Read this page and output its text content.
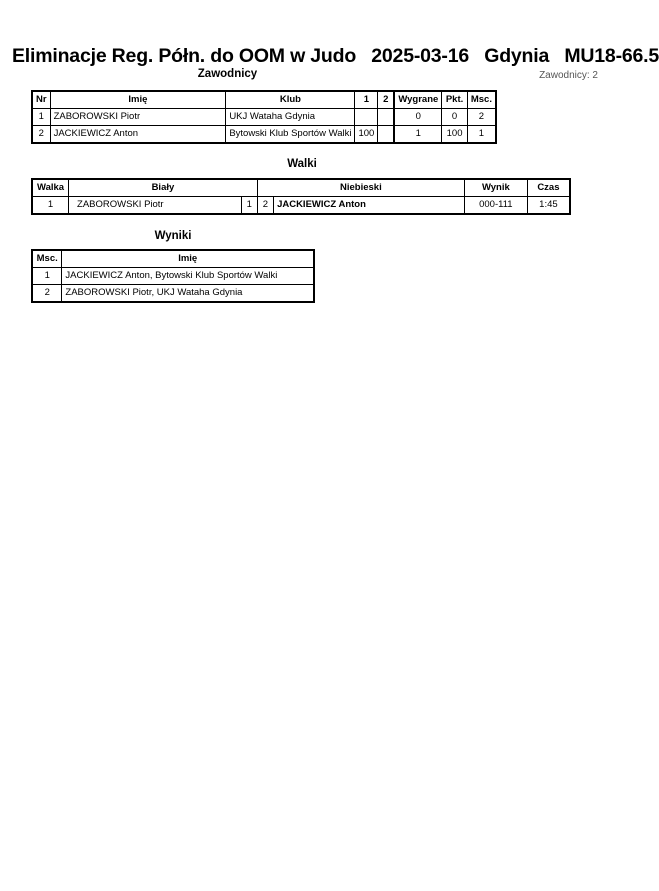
Eliminacje Reg. Półn. do OOM w Judo 2025-03-16 Gdynia MU18-66.5
Zawodnicy	Zawodnicy: 2
Nr	Imię	Klub	1	2	Wygrane	Pkt.	Msc.
1	ZABOROWSKI Piotr	UKJ Wataha Gdynia			0	0	2
2	JACKIEWICZ Anton	Bytowski Klub Sportów Walki	100		1	100	1
Walki
Walka	Biały		Niebieski		Wynik	Czas
1	ZABOROWSKI Piotr	1	2	JACKIEWICZ Anton	000-111	1:45
Wyniki
Msc.	Imię
1	JACKIEWICZ Anton, Bytowski Klub Sportów Walki
2	ZABOROWSKI Piotr, UKJ Wataha Gdynia
